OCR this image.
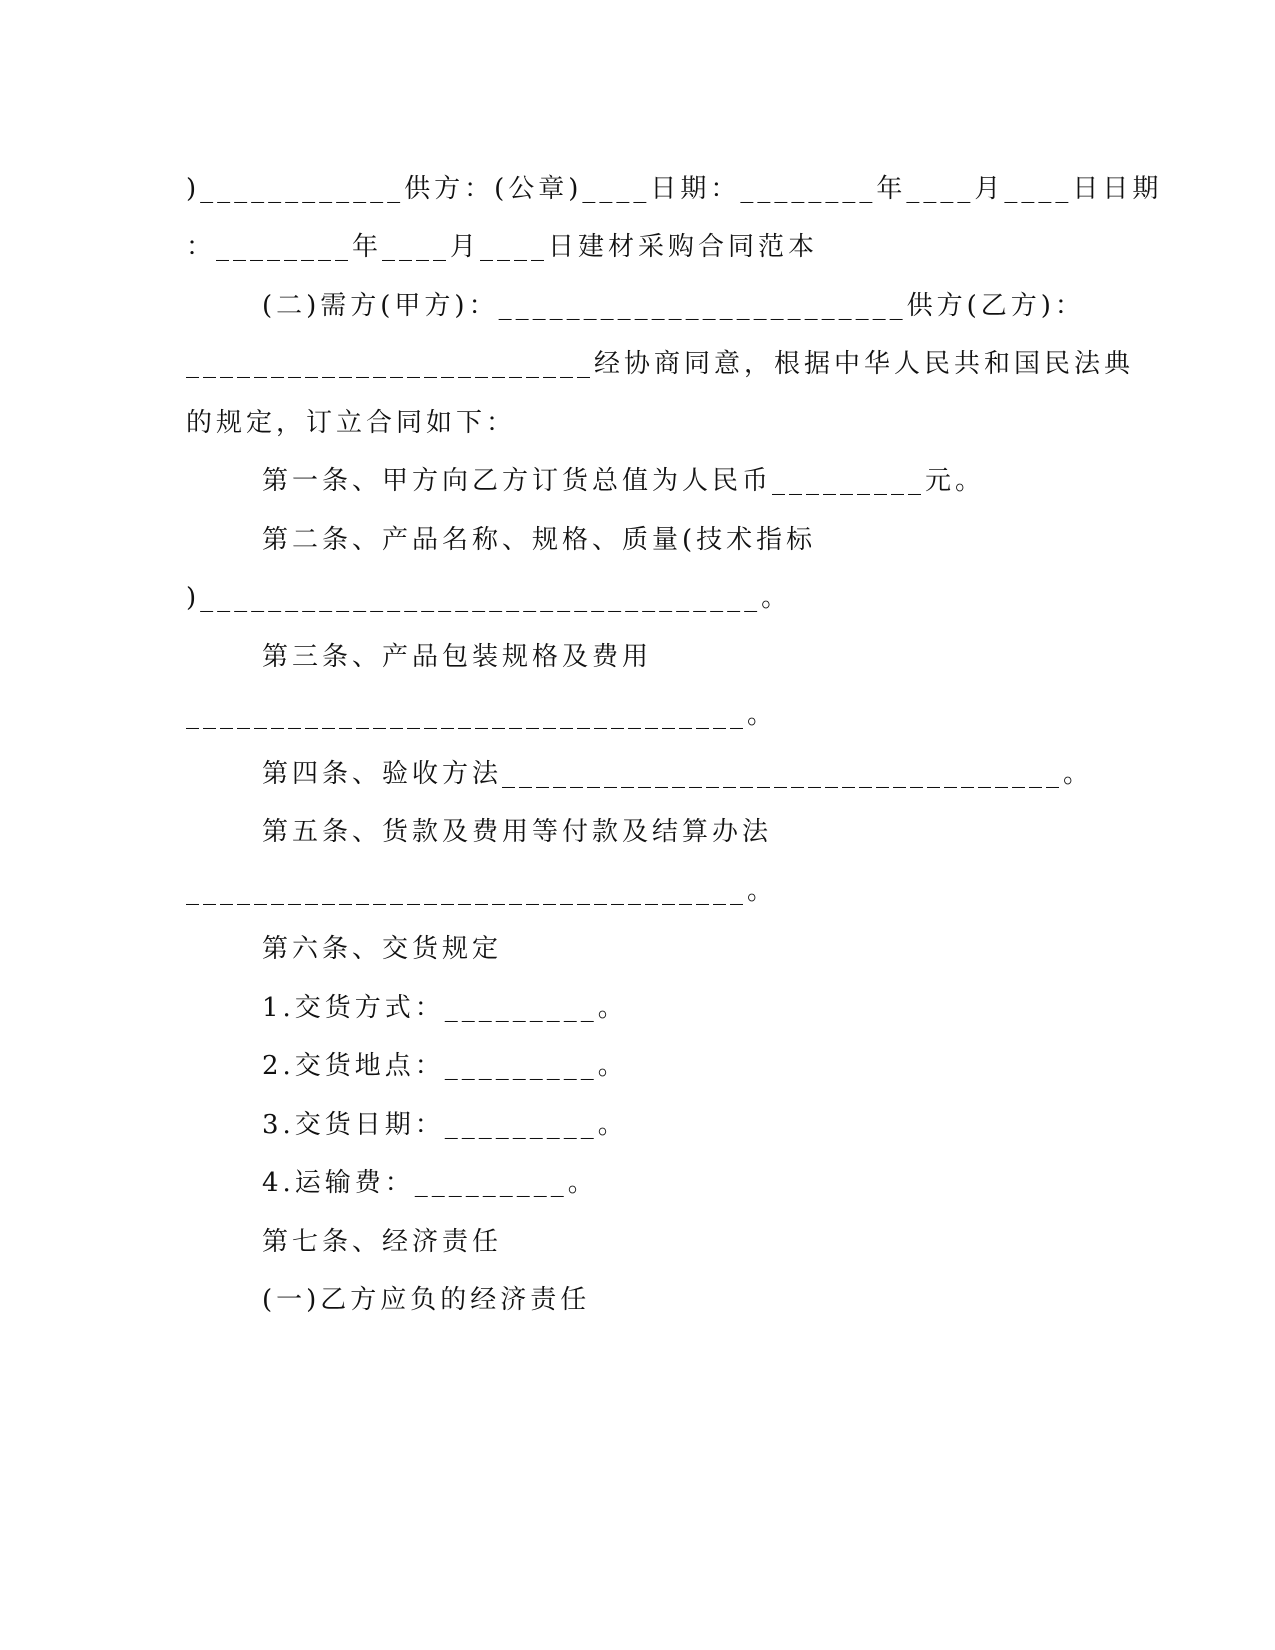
)____________供方：(公章)____日期：________年____月____日日期
：________年____月____日建材采购合同范本
(二)需方(甲方)：________________________供方(乙方)：
________________________经协商同意，根据中华人民共和国民法典
的规定，订立合同如下：
第一条、甲方向乙方订货总值为人民币_________元。
第二条、产品名称、规格、质量(技术指标
)_________________________________。
第三条、产品包装规格及费用
_________________________________。
第四条、验收方法_________________________________。
第五条、货款及费用等付款及结算办法
_________________________________。
第六条、交货规定
1.交货方式：_________。
2.交货地点：_________。
3.交货日期：_________。
4.运输费：_________。
第七条、经济责任
(一)乙方应负的经济责任
